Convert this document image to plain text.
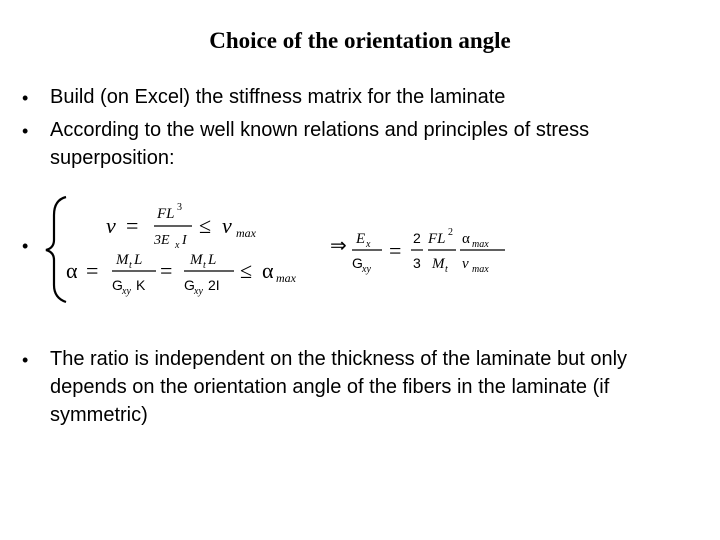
Choice of the orientation angle
• Build (on Excel) the stiffness matrix for the laminate
• According to the well known relations and principles of stress superposition:
•
v = FL 3
3E x I
≤ v max
α = M t L
G xy K
= M t L
G xy 2I
≤ α max
⇒ E x
G xy
= 2
3
FL 2
M t
α max
v max
• The ratio is independent on the thickness of the laminate but only depends on the orientation angle of the fibers in the laminate (if symmetric)
